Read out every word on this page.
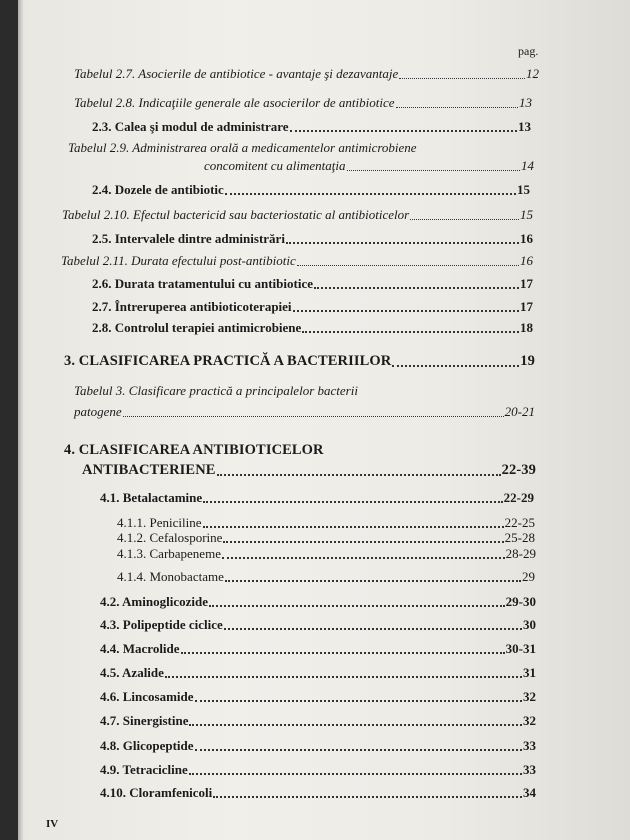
pag.
Tabelul 2.7. Asocierile de antibiotice - avantaje şi dezavantaje	12
Tabelul 2.8. Indicaţiile generale ale asocierilor de antibiotice	13
2.3. Calea şi modul de administrare	13
Tabelul 2.9. Administrarea orală a medicamentelor antimicrobiene
concomitent cu alimentaţia	14
2.4. Dozele de antibiotic	15
Tabelul 2.10. Efectul bactericid sau bacteriostatic al antibioticelor	15
2.5. Intervalele dintre administrări	16
Tabelul 2.11. Durata efectului post-antibiotic	16
2.6. Durata tratamentului cu antibiotice	17
2.7. Întreruperea antibioticoterapiei	17
2.8. Controlul terapiei antimicrobiene	18
3. CLASIFICAREA PRACTICĂ A BACTERIILOR	19
Tabelul 3. Clasificare practică a principalelor bacterii
patogene	20-21
4. CLASIFICAREA ANTIBIOTICELOR
ANTIBACTERIENE	22-39
4.1. Betalactamine	22-29
4.1.1. Peniciline	22-25
4.1.2. Cefalosporine	25-28
4.1.3. Carbapeneme	28-29
4.1.4. Monobactame	29
4.2. Aminoglicozide	29-30
4.3. Polipeptide ciclice	30
4.4. Macrolide	30-31
4.5. Azalide	31
4.6. Lincosamide	32
4.7. Sinergistine	32
4.8. Glicopeptide	33
4.9. Tetracicline	33
4.10. Cloramfenicoli	34
IV
